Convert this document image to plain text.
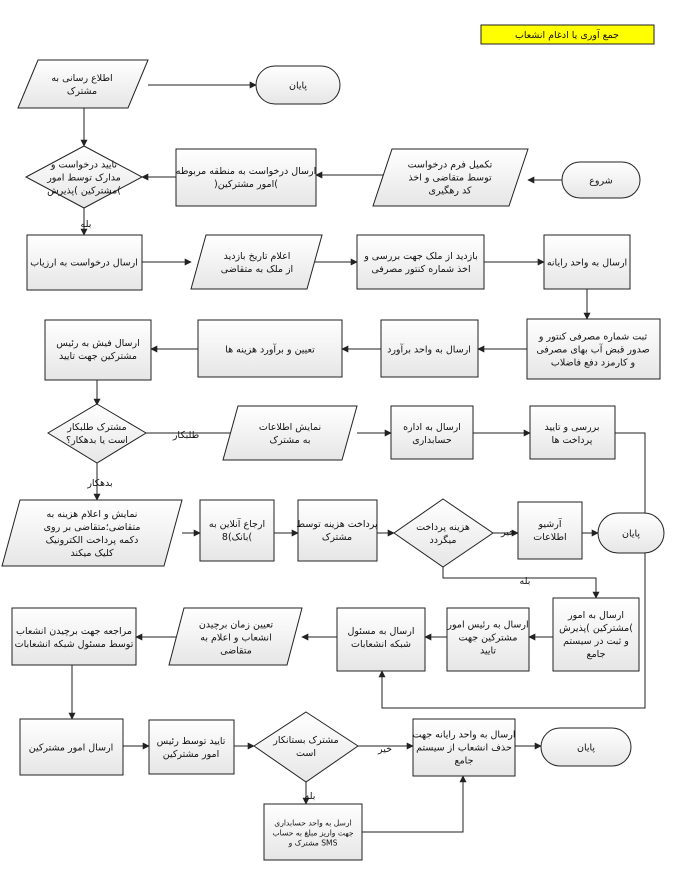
جمع آوری یا ادغام انشعاب
بله
طلبکار
بدهکار
خیر
بله
خیر
بله
اطلاع رسانی به
مشترک	پایان
تایید درخواست و
مدارک توسط امور
مشترکین )پذیرش(
ارسال درخواست به منطقه مربوطه
)امور مشترکین(
تکمیل فرم درخواست
توسط متقاضی و اخذ
کد رهگیری
شروع
ارسال درخواست به ارزیاب
اعلام تاریخ بازدید
از ملک به متقاضی
بازدید از ملک جهت بررسی و
اخذ شماره کنتور مصرفی
ارسال به واحد رایانه
ثبت شماره مصرفی کنتور و
صدور قبض آب بهای مصرفی
و کارمزد دفع فاضلاب
ارسال به واحد برآورد
تعیین و برآورد هزینه ها
ارسال فیش به رئیس
مشترکین جهت تایید
مشترک طلبکار
است یا بدهکار؟
نمایش اطلاعات
به مشترک
ارسال به اداره
حسابداری
بررسی و تایید
پرداخت ها
نمایش و اعلام هزینه به
متقاضی؛متقاضی بر روی
دکمه پرداخت الکترونیک
کلیک میکند
ارجاع آنلاین به
بانک)8(
پرداخت هزینه توسط
مشترک
هزینه پرداخت
میگردد
آرشیو
اطلاعات	پایان
مراجعه جهت برچیدن انشعاب
توسط مسئول شبکه انشعابات
تعیین زمان برچیدن
انشعاب و اعلام به
متقاضی
ارسال به مسئول
شبکه انشعابات
ارسال به رئیس امور
مشترکین جهت
تایید
ارسال به امور
مشترکین )پذیرش(
و ثبت در سیستم
جامع
ارسال امور مشترکین
تایید توسط رئیس
امور مشترکین
مشترک بستانکار
است
ارسال به واحد رایانه جهت
حذف انشعاب از سیستم
جامع
پایان
ارسل به واحد حسابداری
جهت واریز مبلغ به حساب
مشترک و SMS
